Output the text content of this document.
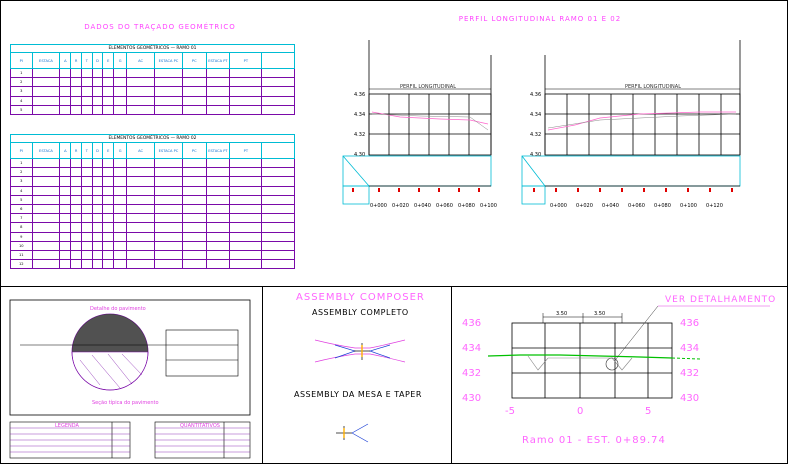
DADOS DO TRAÇADO GEOMÉTRICO
PERFIL LONGITUDINAL RAMO 01 E 02
ELEMENTOS GEOMÉTRICOS — RAMO 01													
PI	ESTACA	Δ	R	T	D	E	G	AC	ESTACA PC	PC	ESTACA PT	PT	
1													
2													
3													
4													
5													
ELEMENTOS GEOMÉTRICOS — RAMO 02													
PI	ESTACA	Δ	R	T	D	E	G	AC	ESTACA PC	PC	ESTACA PT	PT	
1													
2													
3													
4													
5													
6													
7													
8													
9													
10													
11													
12													
PERFIL LONGITUDINAL	PERFIL LONGITUDINAL
4.36
4.34
4.32
4.30
4.36
4.34
4.32
4.30
0+000 0+020 0+040 0+060 0+080 0+100	0+000 0+020 0+040 0+060 0+080 0+100 0+120
Detalhe do pavimento
Seção típica do pavimento
LEGENDA	QUANTITATIVOS
ASSEMBLY COMPOSER
ASSEMBLY COMPLETO
ASSEMBLY DA MESA E TAPER
VER DETALHAMENTO
436
434
432
430
436
434
432
430
-5	0	5
3.50	3.50
Ramo 01 - EST. 0+89.74
